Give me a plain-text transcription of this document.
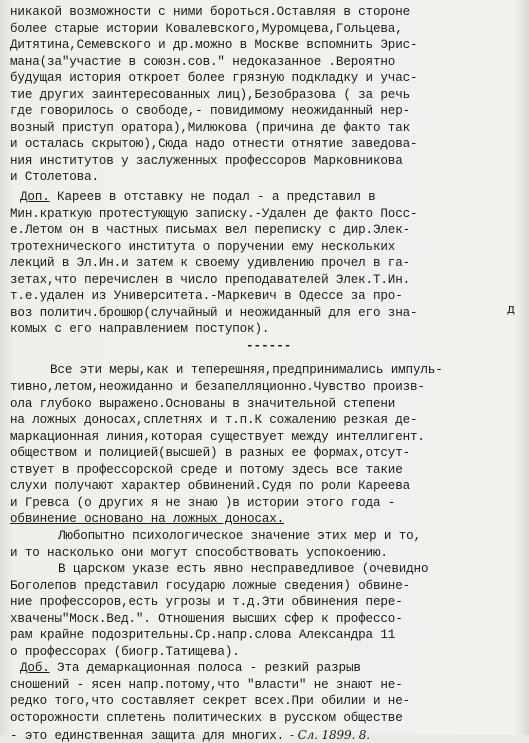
никакой возможности с ними бороться.Оставляя в стороне
более старые истории Ковалевского,Муромцева,Гольцева,
Дитятина,Семевского и др.можно в Москве вспомнить Эрис-
мана(за"участие в союзн.сов." недоказанное .Вероятно
будущая история откроет более грязную подкладку и учас-
тие других заинтересованных лиц),Безобразова ( за речь
где говорилось о свободе,- повидимому неожиданный нер-
возный приступ оратора),Милюкова (причина де факто так
и осталась скрытою),Сюда надо отнести отнятие заведова-
ния институтов у заслуженных профессоров Марковникова
и Столетова.
Доп. Кареев в отставку не подал - а представил в
Мин.краткую протестующую записку.-Удален де факто Посс-
е.Летом он в частных письмах вел переписку с дир.Элек-
тротехнического института о поручении ему нескольких
лекций в Эл.Ин.и затем к своему удивлению прочел в га-
зетах,что перечислен в число преподавателей Элек.Т.Ин.
т.е.удален из Университета.-Маркевич в Одессе за про-
воз политич.брошюр(случайный и неожиданный для его зна-
комых с его направлением поступок).
д
------
Все эти меры,как и теперешняя,предпринимались импуль-
тивно,летом,неожиданно и безапелляционно.Чувство произв-
ола глубоко выражено.Основаны в значительной степени
на ложных доносах,сплетнях и т.п.К сожалению резкая де-
маркационная линия,которая существует между интеллигент.
обществом и полицией(высшей) в разных ее формах,отсут-
ствует в профессорской среде и потому здесь все такие
слухи получают характер обвинений.Судя по роли Кареева
и Гревса (о других я не знаю )в истории этого года -
обвинение основано на ложных доносах.
Любопытно психологическое значение этих мер и то,
и то насколько они могут способствовать успокоению.
В царском указе есть явно несправедливое (очевидно
Боголепов представил государю ложные сведения) обвине-
ние профессоров,есть угрозы и т.д.Эти обвинения пере-
хвачены"Моск.Вед.". Отношения высших сфер к профессо-
рам крайне подозрительны.Ср.напр.слова Александра 11
о профессорах (биогр.Татищева).
Доб. Эта демаркационная полоса - резкий разрыв
сношений - ясен напр.потому,что "власти" не знают не-
редко того,что составляет секрет всех.При обилии и не-
осторожности сплетень политических в русском обществе
- это единственная защита для многих. - Сл. 1899. 8.
